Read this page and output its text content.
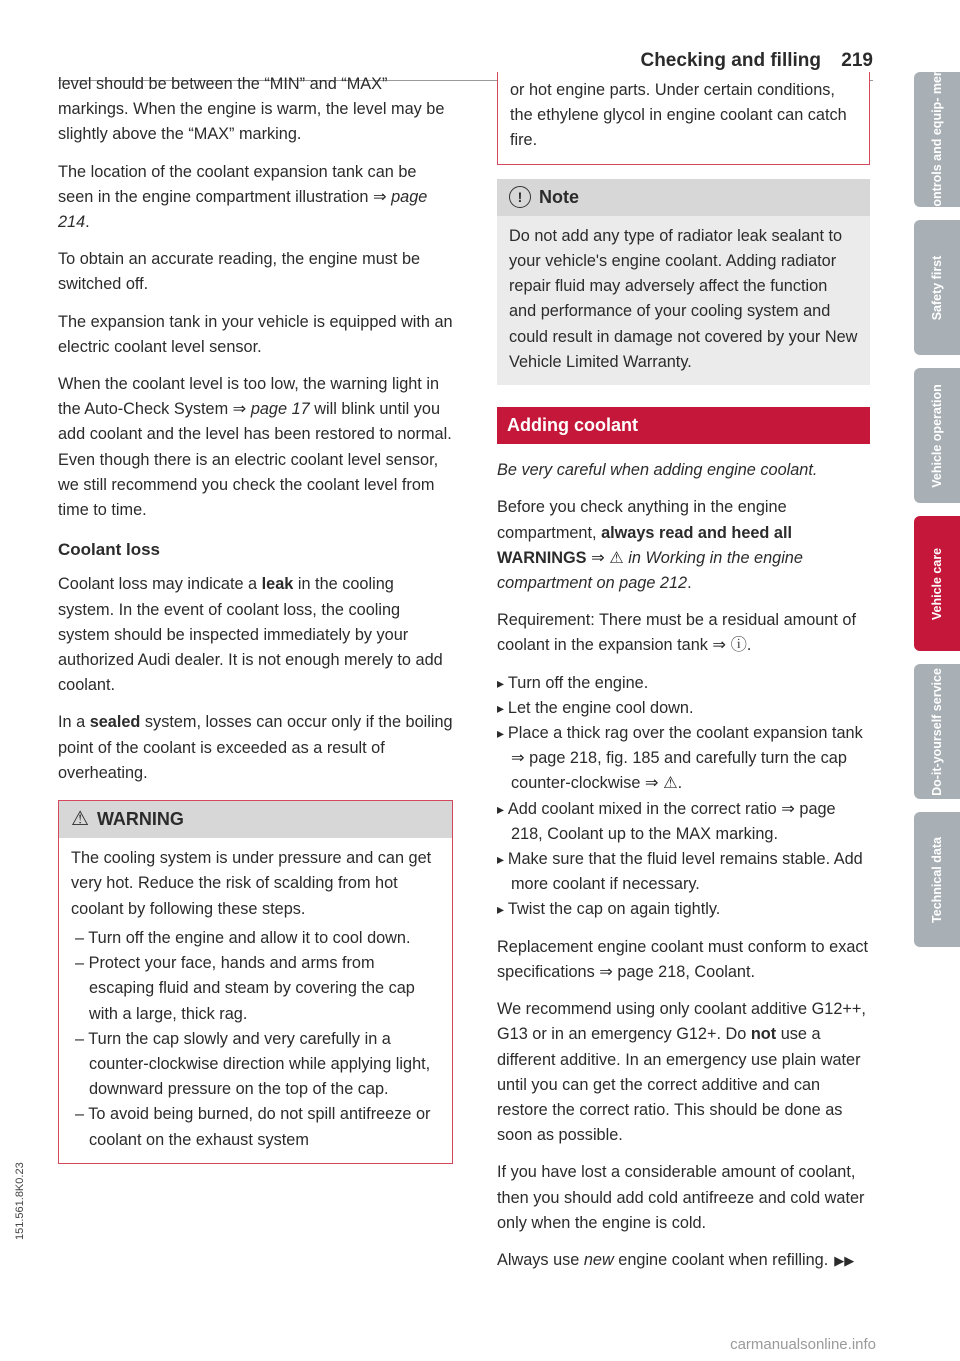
Checking and filling 219

level should be between the “MIN” and “MAX” markings. When the engine is warm, the level may be slightly above the “MAX” marking.

The location of the coolant expansion tank can be seen in the engine compartment illustration ⇒ page 214.

To obtain an accurate reading, the engine must be switched off.

The expansion tank in your vehicle is equipped with an electric coolant level sensor.

When the coolant level is too low, the warning light in the Auto-Check System ⇒ page 17 will blink until you add coolant and the level has been restored to normal. Even though there is an electric coolant level sensor, we still recommend you check the coolant level from time to time.

Coolant loss

Coolant loss may indicate a leak in the cooling system. In the event of coolant loss, the cooling system should be inspected immediately by your authorized Audi dealer. It is not enough merely to add coolant.

In a sealed system, losses can occur only if the boiling point of the coolant is exceeded as a result of overheating.

⚠ WARNING
The cooling system is under pressure and can get very hot. Reduce the risk of scalding from hot coolant by following these steps.
– Turn off the engine and allow it to cool down.
– Protect your face, hands and arms from escaping fluid and steam by covering the cap with a large, thick rag.
– Turn the cap slowly and very carefully in a counter-clockwise direction while applying light, downward pressure on the top of the cap.
– To avoid being burned, do not spill antifreeze or coolant on the exhaust system
or hot engine parts. Under certain conditions, the ethylene glycol in engine coolant can catch fire.
! Note
Do not add any type of radiator leak sealant to your vehicle's engine coolant. Adding radiator repair fluid may adversely affect the function and performance of your cooling system and could result in damage not covered by your New Vehicle Limited Warranty.
Adding coolant

Be very careful when adding engine coolant.

Before you check anything in the engine compartment, always read and heed all WARNINGS ⇒ ⚠ in Working in the engine compartment on page 212.

Requirement: There must be a residual amount of coolant in the expansion tank ⇒ ⓘ.

▸ Turn off the engine.
▸ Let the engine cool down.
▸ Place a thick rag over the coolant expansion tank ⇒ page 218, fig. 185 and carefully turn the cap counter-clockwise ⇒ ⚠.
▸ Add coolant mixed in the correct ratio ⇒ page 218, Coolant up to the MAX marking.
▸ Make sure that the fluid level remains stable. Add more coolant if necessary.
▸ Twist the cap on again tightly.

Replacement engine coolant must conform to exact specifications ⇒ page 218, Coolant.

We recommend using only coolant additive G12++, G13 or in an emergency G12+. Do not use a different additive. In an emergency use plain water until you can get the correct additive and can restore the correct ratio. This should be done as soon as possible.

If you have lost a considerable amount of coolant, then you should add cold antifreeze and cold water only when the engine is cold.

Always use new engine coolant when refilling. ▶▶

Controls and equip- ment
Safety first
Vehicle operation
Vehicle care
Do-it-yourself service
Technical data
151.561.8K0.23
carmanualsonline.info
